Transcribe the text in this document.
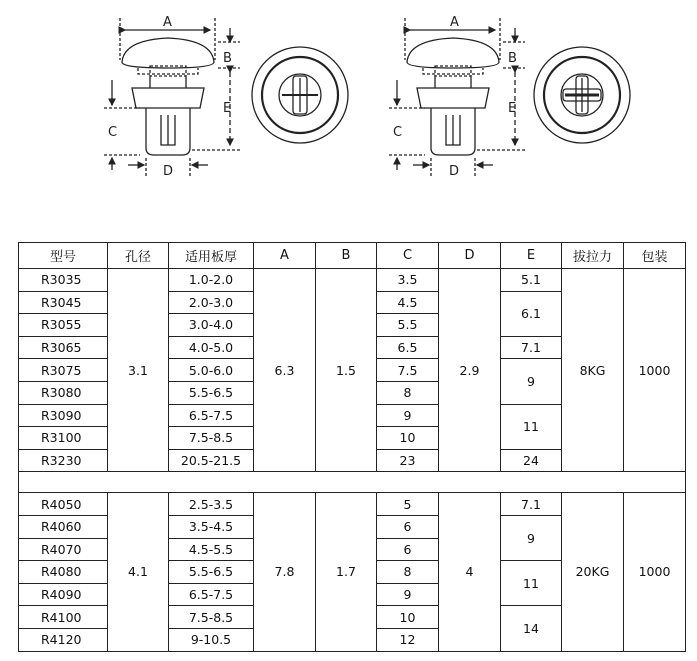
A
B
E
C
D
A
B
E
C
D
型号	孔径	适用板厚	A	B	C	D	E	拔拉力	包装
R3035	3.1	1.0-2.0	6.3	1.5	3.5	2.9	5.1	8KG	1000
R3045		2.0-3.0			4.5		6.1		
R3055		3.0-4.0			5.5				
R3065		4.0-5.0			6.5		7.1		
R3075		5.0-6.0			7.5		9		
R3080		5.5-6.5			8				
R3090		6.5-7.5			9		11		
R3100		7.5-8.5			10				
R3230		20.5-21.5			23		24		

R4050	4.1	2.5-3.5	7.8	1.7	5	4	7.1	20KG	1000
R4060		3.5-4.5			6		9		
R4070		4.5-5.5			6				
R4080		5.5-6.5			8		11		
R4090		6.5-7.5			9				
R4100		7.5-8.5			10		14		
R4120		9-10.5			12				
